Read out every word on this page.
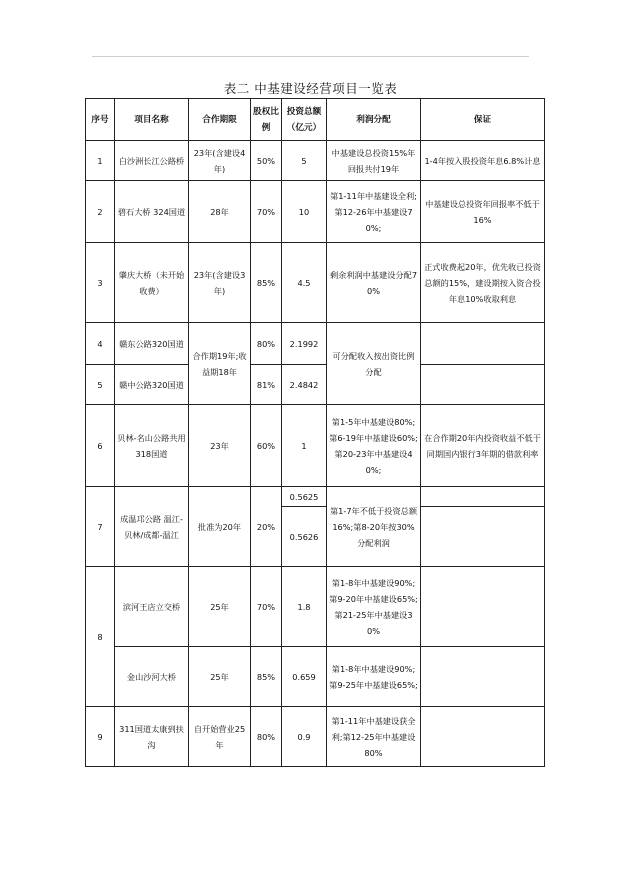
表二 中基建设经营项目一览表
序号	项目名称	合作期限	股权比例	投资总额（亿元）	利润分配	保证
1	白沙洲长江公路桥	23年(含建设4年)	50%	5	中基建设总投资15%年回报共付19年	1-4年按入股投资年息6.8%计息
2	碧石大桥 324国道	28年	70%	10	第1-11年中基建设全利;第12-26年中基建设70%;	中基建设总投资年回报率不低于16%
3	肇庆大桥（未开始收费）	23年(含建设3年)	85%	4.5	剩余利润中基建设分配70%	正式收费起20年，优先收已投资总额的15%，建设期按入资合投年息10%收取利息
4	赣东公路320国道	合作期19年;收益期18年	80%	2.1992	可分配收入按出资比例分配	
5	赣中公路320国道		81%	2.4842		
6	贝林-名山公路共用318国道	23年	60%	1	第1-5年中基建设80%;第6-19年中基建设60%;第20-23年中基建设40%;	在合作期20年内投资收益不低于同期国内银行3年期的借款利率
7	成温邛公路 温江-贝林/成都-温江	批准为20年	20%	0.5625	第1-7年不低于投资总额16%;第8-20年按30%分配利润	
				0.5626		
8	滨河王店立交桥	25年	70%	1.8	第1-8年中基建设90%;第9-20年中基建设65%;第21-25年中基建设30%	
	金山沙河大桥	25年	85%	0.659	第1-8年中基建设90%;第9-25年中基建设65%;	
9	311国道太康到扶沟	自开始营业25年	80%	0.9	第1-11年中基建设获全利;第12-25年中基建设80%	
